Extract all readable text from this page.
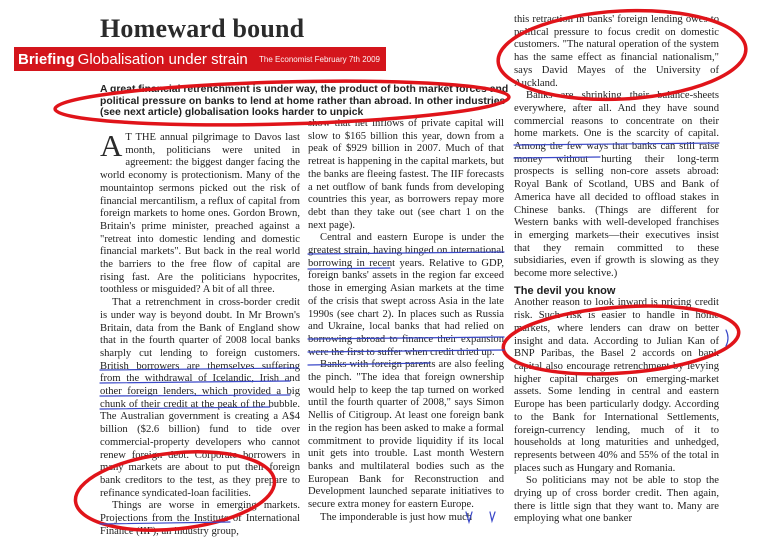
Homeward bound
Briefing Globalisation under strain The Economist February 7th 2009
A great financial retrenchment is under way, the product of both market forces and political pressure on banks to lend at home rather than abroad. In other industries (see next article) globalisation looks harder to unpick

A T THE annual pilgrimage to Davos last month, politicians were united in agreement: the biggest danger facing the world economy is protectionism. Many of the mountaintop sermons picked out the risk of financial mercantilism, a reflux of capital from foreign markets to home ones. Gordon Brown, Britain's prime minister, preached against a "retreat into domestic lending and domestic financial markets". But back in the real world the barriers to the free flow of capital are rising fast. Are the politicians hypocrites, toothless or misguided? A bit of all three.

That a retrenchment in cross-border credit is under way is beyond doubt. In Mr Brown's Britain, data from the Bank of England show that in the fourth quarter of 2008 local banks sharply cut lending to foreign customers. British borrowers are themselves suffering from the withdrawal of Icelandic, Irish and other foreign lenders, which provided a big chunk of their credit at the peak of the bubble. The Australian government is creating a A$4 billion ($2.6 billion) fund to tide over commercial-property developers who cannot renew foreign debt. Corporate borrowers in many markets are about to put their foreign bank creditors to the test, as they prepare to refinance syndicated-loan facilities.

Things are worse in emerging markets. Projections from the Institute of International Finance (IIF), an industry group,

show that net inflows of private capital will slow to $165 billion this year, down from a peak of $929 billion in 2007. Much of that retreat is happening in the capital markets, but the banks are fleeing fastest. The IIF forecasts a net outflow of bank funds from developing countries this year, as borrowers repay more debt than they take out (see chart 1 on the next page).

Central and eastern Europe is under the greatest strain, having binged on international borrowing in recent years. Relative to GDP, foreign banks' assets in the region far exceed those in emerging Asian markets at the time of the crisis that swept across Asia in the late 1990s (see chart 2). In places such as Russia and Ukraine, local banks that had relied on borrowing abroad to finance their expansion were the first to suffer when credit dried up.

Banks with foreign parents are also feeling the pinch. "The idea that foreign ownership would help to keep the tap turned on worked until the fourth quarter of 2008," says Simon Nellis of Citigroup. At least one foreign bank in the region has been asked to make a formal commitment to provide liquidity if its local unit gets into trouble. Last month Western banks and multilateral bodies such as the European Bank for Reconstruction and Development launched separate initiatives to secure extra money for eastern Europe.

The imponderable is just how much

this retraction in banks' foreign lending owes to political pressure to focus credit on domestic customers. "The natural operation of the system has the same effect as financial nationalism," says David Mayes of the University of Auckland.

Banks are shrinking their balance-sheets everywhere, after all. And they have sound commercial reasons to concentrate on their home markets. One is the scarcity of capital. Among the few ways that banks can still raise money without hurting their long-term prospects is selling non-core assets abroad: Royal Bank of Scotland, UBS and Bank of America have all decided to offload stakes in Chinese banks. (Things are different for Western banks with well-developed franchises in emerging markets—their executives insist that they remain committed to these subsidiaries, even if growth is slowing as they become more selective.)

The devil you know

Another reason to look inward is pricing credit risk. Such risk is easier to handle in home markets, where lenders can draw on better insight and data. According to Julian Kan of BNP Paribas, the Basel 2 accords on bank capital also encourage retrenchment by levying higher capital charges on emerging-market assets. Some lending in central and eastern Europe has been particularly dodgy. According to the Bank for International Settlements, foreign-currency lending, much of it to households at long maturities and unhedged, represents between 40% and 55% of the total in places such as Hungary and Romania.

So politicians may not be able to stop the drying up of cross border credit. Then again, there is little sign that they want to. Many are employing what one banker
